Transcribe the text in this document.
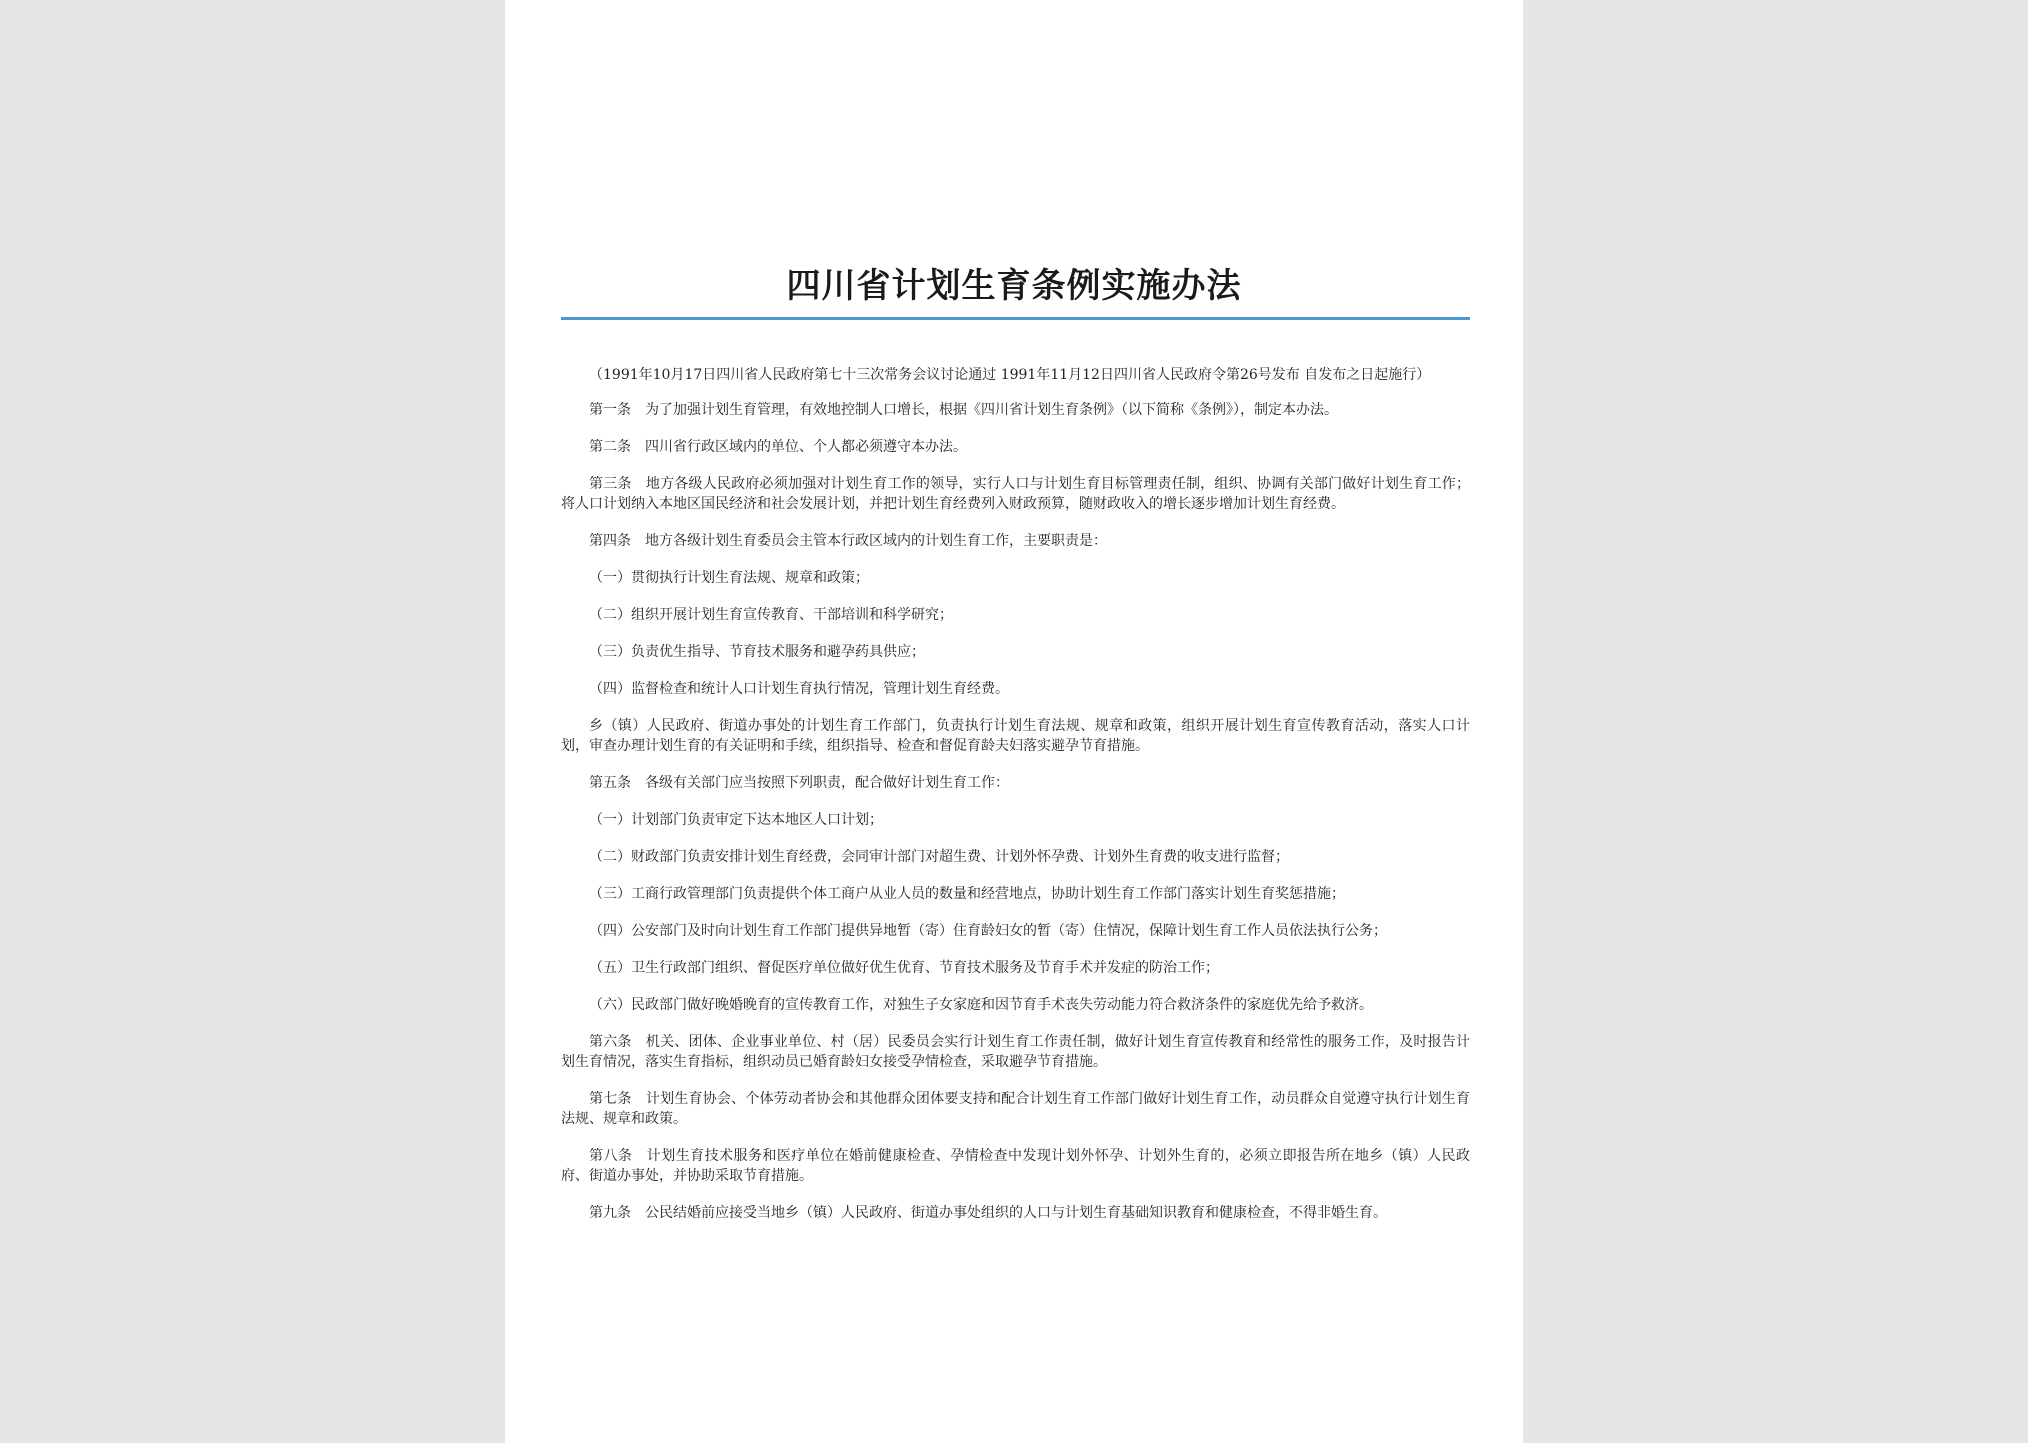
四川省计划生育条例实施办法

（1991年10月17日四川省人民政府第七十三次常务会议讨论通过 1991年11月12日四川省人民政府令第26号发布 自发布之日起施行）

第一条　为了加强计划生育管理，有效地控制人口增长，根据《四川省计划生育条例》（以下简称《条例》），制定本办法。

第二条　四川省行政区域内的单位、个人都必须遵守本办法。

第三条　地方各级人民政府必须加强对计划生育工作的领导，实行人口与计划生育目标管理责任制，组织、协调有关部门做好计划生育工作；将人口计划纳入本地区国民经济和社会发展计划，并把计划生育经费列入财政预算，随财政收入的增长逐步增加计划生育经费。

第四条　地方各级计划生育委员会主管本行政区域内的计划生育工作，主要职责是：

（一）贯彻执行计划生育法规、规章和政策；

（二）组织开展计划生育宣传教育、干部培训和科学研究；

（三）负责优生指导、节育技术服务和避孕药具供应；

（四）监督检查和统计人口计划生育执行情况，管理计划生育经费。

乡（镇）人民政府、街道办事处的计划生育工作部门，负责执行计划生育法规、规章和政策，组织开展计划生育宣传教育活动，落实人口计划，审查办理计划生育的有关证明和手续，组织指导、检查和督促育龄夫妇落实避孕节育措施。

第五条　各级有关部门应当按照下列职责，配合做好计划生育工作：

（一）计划部门负责审定下达本地区人口计划；

（二）财政部门负责安排计划生育经费，会同审计部门对超生费、计划外怀孕费、计划外生育费的收支进行监督；

（三）工商行政管理部门负责提供个体工商户从业人员的数量和经营地点，协助计划生育工作部门落实计划生育奖惩措施；

（四）公安部门及时向计划生育工作部门提供异地暂（寄）住育龄妇女的暂（寄）住情况，保障计划生育工作人员依法执行公务；

（五）卫生行政部门组织、督促医疗单位做好优生优育、节育技术服务及节育手术并发症的防治工作；

（六）民政部门做好晚婚晚育的宣传教育工作，对独生子女家庭和因节育手术丧失劳动能力符合救济条件的家庭优先给予救济。

第六条　机关、团体、企业事业单位、村（居）民委员会实行计划生育工作责任制，做好计划生育宣传教育和经常性的服务工作，及时报告计划生育情况，落实生育指标，组织动员已婚育龄妇女接受孕情检查，采取避孕节育措施。

第七条　计划生育协会、个体劳动者协会和其他群众团体要支持和配合计划生育工作部门做好计划生育工作，动员群众自觉遵守执行计划生育法规、规章和政策。

第八条　计划生育技术服务和医疗单位在婚前健康检查、孕情检查中发现计划外怀孕、计划外生育的，必须立即报告所在地乡（镇）人民政府、街道办事处，并协助采取节育措施。

第九条　公民结婚前应接受当地乡（镇）人民政府、街道办事处组织的人口与计划生育基础知识教育和健康检查，不得非婚生育。
